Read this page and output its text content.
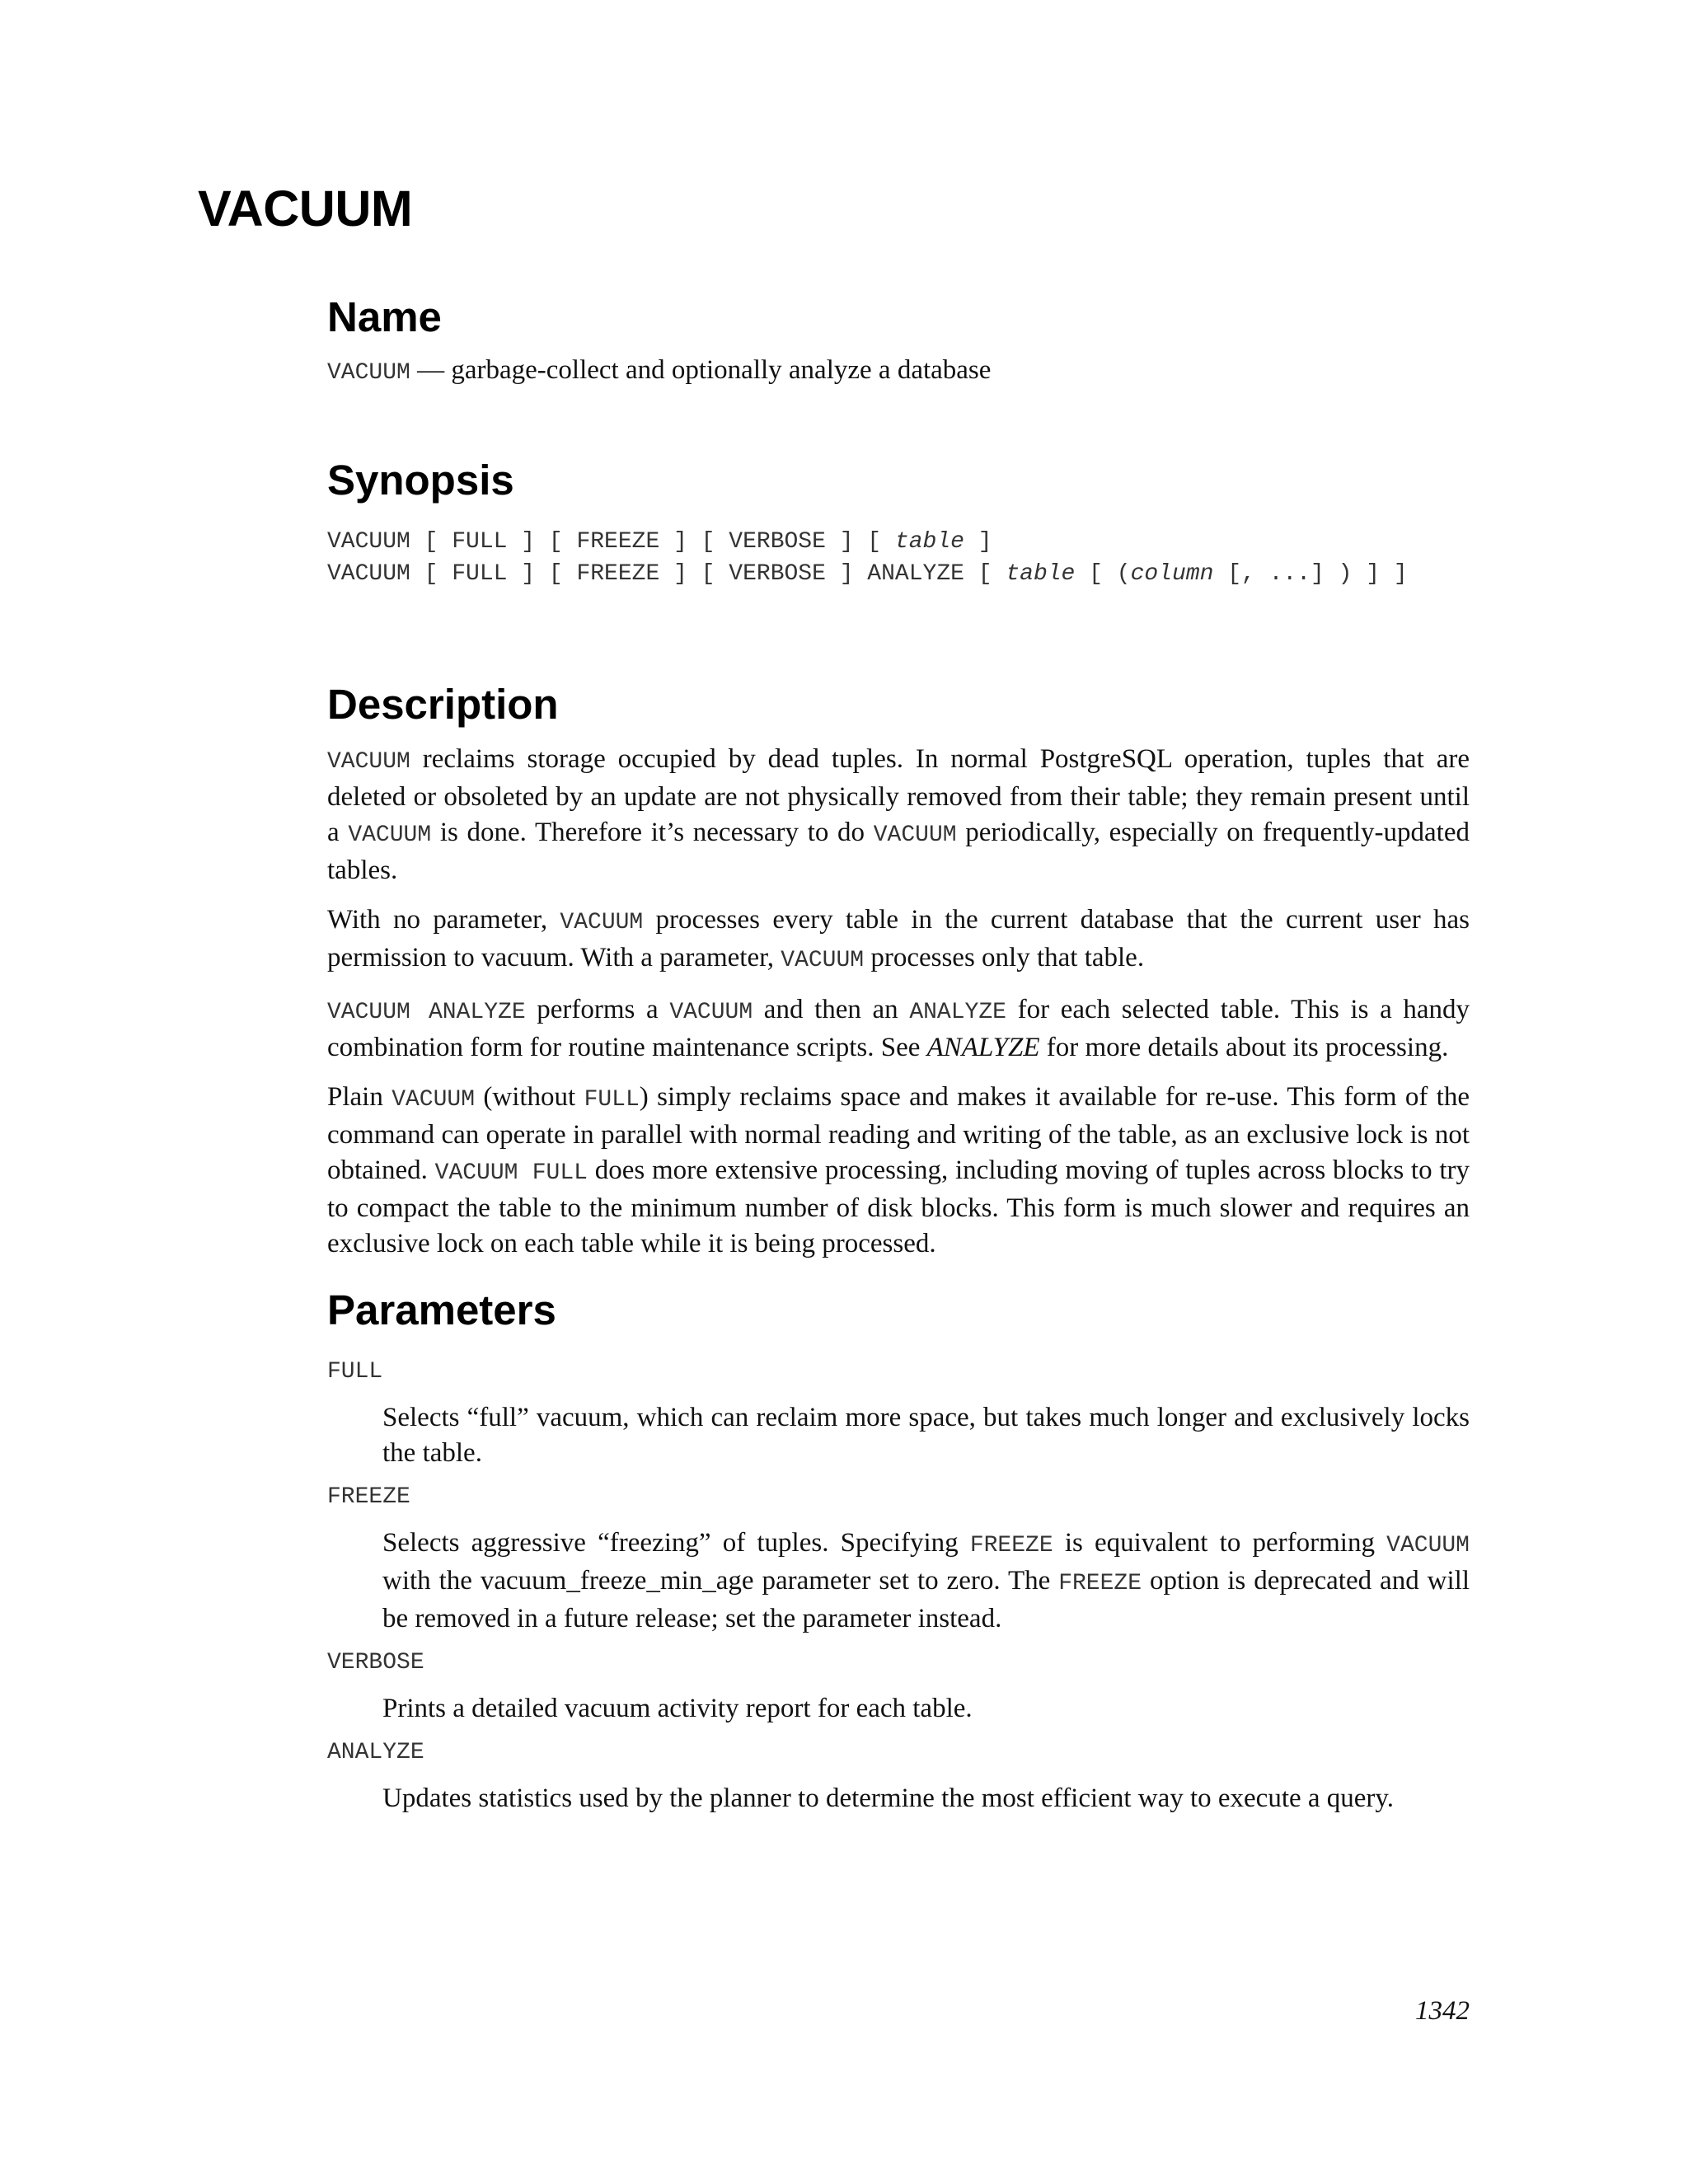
VACUUM
Name

VACUUM — garbage-collect and optionally analyze a database

Synopsis
VACUUM [ FULL ] [ FREEZE ] [ VERBOSE ] [ table ]
VACUUM [ FULL ] [ FREEZE ] [ VERBOSE ] ANALYZE [ table [ (column [, ...] ) ] ]
Description

VACUUM reclaims storage occupied by dead tuples. In normal PostgreSQL operation, tuples that are deleted or obsoleted by an update are not physically removed from their table; they remain present until a VACUUM is done. Therefore it’s necessary to do VACUUM periodically, especially on frequently-updated tables.

With no parameter, VACUUM processes every table in the current database that the current user has permission to vacuum. With a parameter, VACUUM processes only that table.

VACUUM ANALYZE performs a VACUUM and then an ANALYZE for each selected table. This is a handy combination form for routine maintenance scripts. See ANALYZE for more details about its processing.

Plain VACUUM (without FULL) simply reclaims space and makes it available for re-use. This form of the command can operate in parallel with normal reading and writing of the table, as an exclusive lock is not obtained. VACUUM FULL does more extensive processing, including moving of tuples across blocks to try to compact the table to the minimum number of disk blocks. This form is much slower and requires an exclusive lock on each table while it is being processed.

Parameters
FULL

Selects “full” vacuum, which can reclaim more space, but takes much longer and exclusively locks the table.

FREEZE

Selects aggressive “freezing” of tuples. Specifying FREEZE is equivalent to performing VACUUM with the vacuum_freeze_min_age parameter set to zero. The FREEZE option is deprecated and will be removed in a future release; set the parameter instead.

VERBOSE

Prints a detailed vacuum activity report for each table.

ANALYZE

Updates statistics used by the planner to determine the most efficient way to execute a query.

1342
